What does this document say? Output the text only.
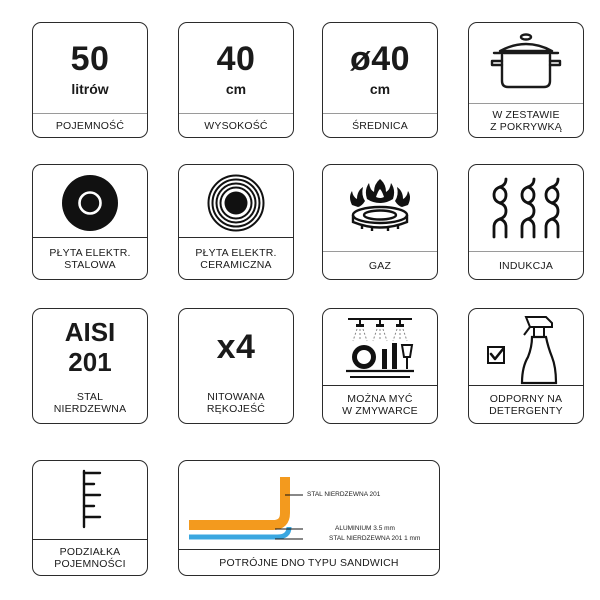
50
litrów
POJEMNOŚĆ
40
cm
WYSOKOŚĆ
ø40
cm
ŚREDNICA
W ZESTAWIE
Z POKRYWKĄ
PŁYTA ELEKTR.
STALOWA
PŁYTA ELEKTR.
CERAMICZNA	GAZ	INDUKCJA
AISI
201
STAL
NIERDZEWNA
x4
NITOWANA
RĘKOJEŚĆ
MOŻNA MYĆ
W ZMYWARCE
ODPORNY NA
DETERGENTY
PODZIAŁKA
POJEMNOŚCI
STAL NIERDZEWNA 201
ALUMINIUM 3.5 mm
STAL NIERDZEWNA 201 1 mm
POTRÓJNE DNO TYPU SANDWICH
